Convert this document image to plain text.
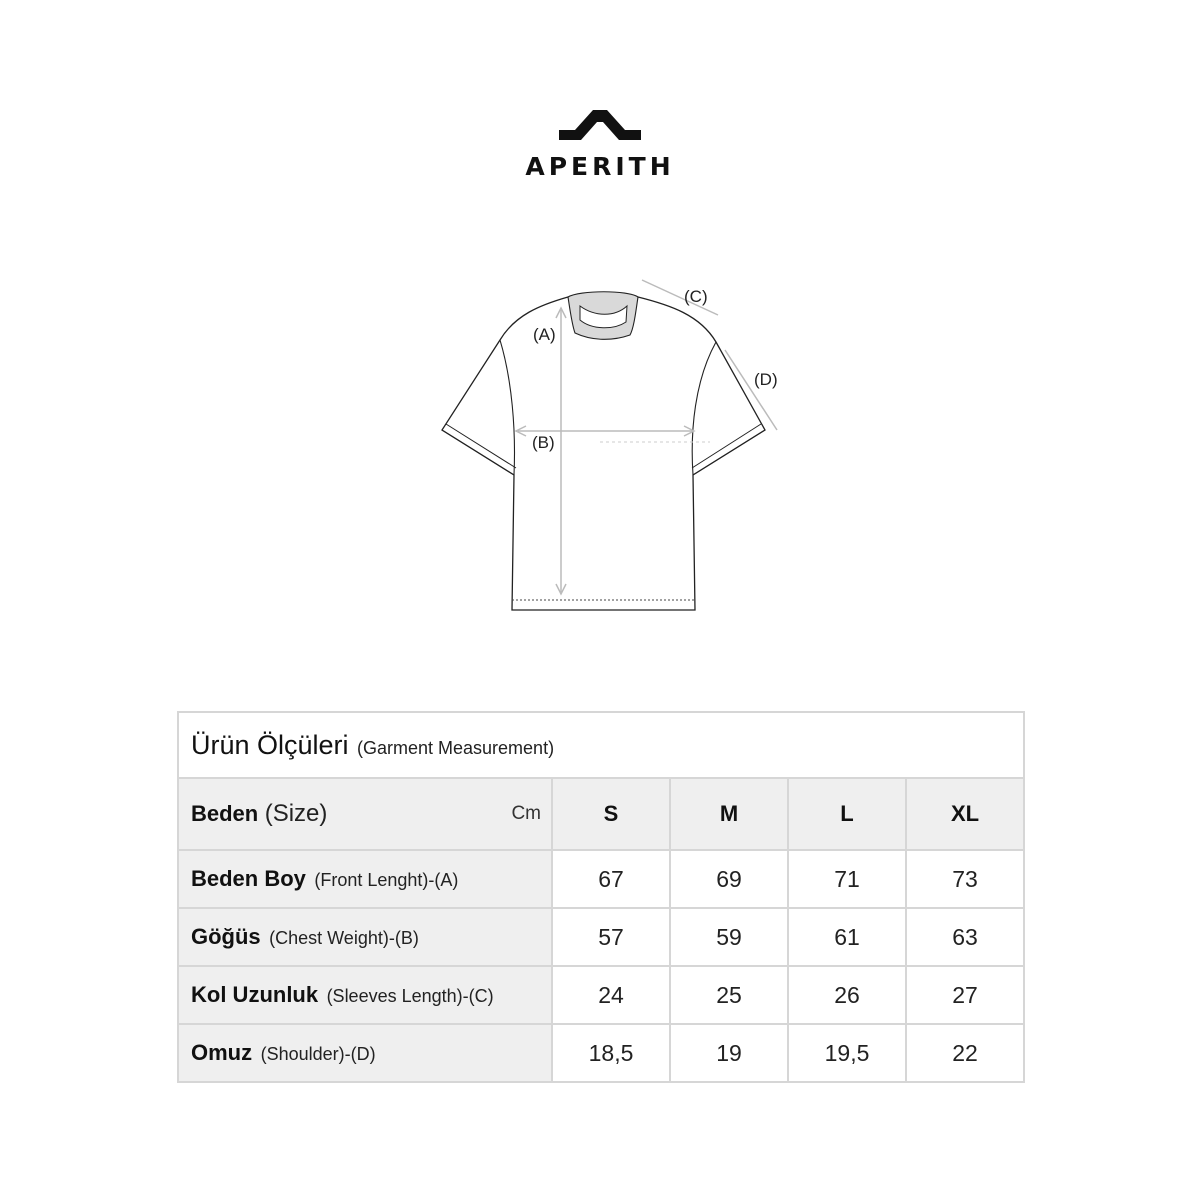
APERITH
(A)
(B)
(C)
(D)
Ürün Ölçüleri (Garment Measurement)				
Beden (Size) Cm	S	M	L	XL
Beden Boy (Front Lenght)-(A)	67	69	71	73
Göğüs (Chest Weight)-(B)	57	59	61	63
Kol Uzunluk (Sleeves Length)-(C)	24	25	26	27
Omuz (Shoulder)-(D)	18,5	19	19,5	22
